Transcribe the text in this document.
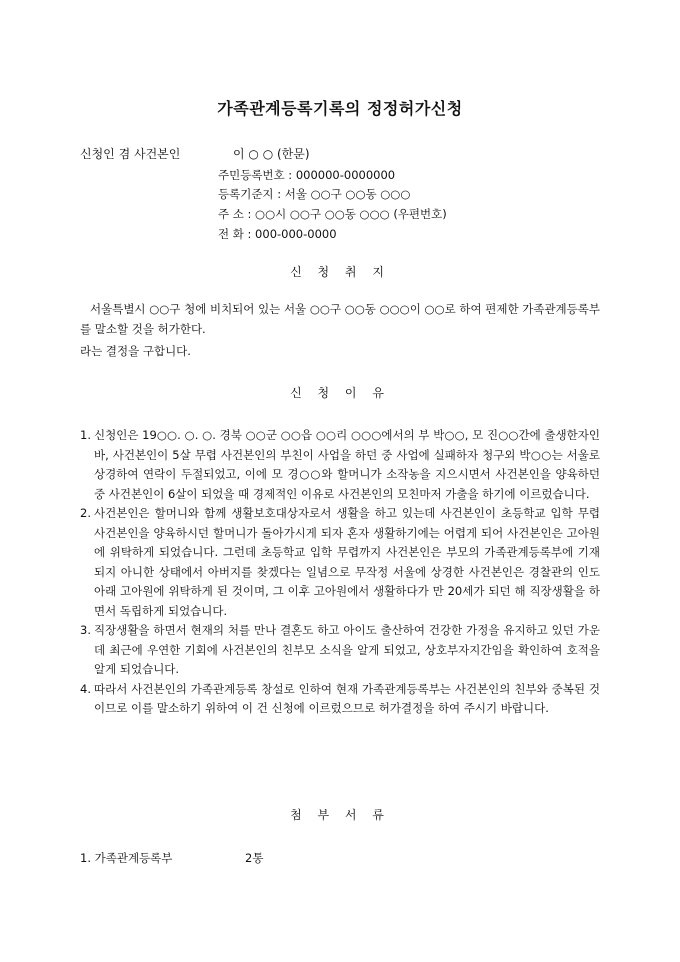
가족관계등록기록의 정정허가신청
신청인 겸 사건본인	이 ○ ○ (한문)
주민등록번호 : 000000-0000000
등록기준지 : 서울 ○○구 ○○동 ○○○
주 소 : ○○시 ○○구 ○○동 ○○○ (우편번호)
전 화 : 000-000-0000
신 청 취 지
서울특별시 ○○구 청에 비치되어 있는 서울 ○○구 ○○동 ○○○이 ○○로 하여 편제한 가족관계등록부를 말소할 것을 허가한다.
라는 결정을 구합니다.
신 청 이 유
1. 신청인은 19○○. ○. ○. 경북 ○○군 ○○읍 ○○리 ○○○에서의 부 박○○, 모 진○○간에 출생한자인 바, 사건본인이 5살 무렵 사건본인의 부친이 사업을 하던 중 사업에 실패하자 청구외 박○○는 서울로 상경하여 연락이 두절되었고, 이에 모 경○○와 할머니가 소작농을 지으시면서 사건본인을 양육하던 중 사건본인이 6살이 되었을 때 경제적인 이유로 사건본인의 모친마저 가출을 하기에 이르렀습니다.
2. 사건본인은 할머니와 함께 생활보호대상자로서 생활을 하고 있는데 사건본인이 초등학교 입학 무렵 사건본인을 양육하시던 할머니가 돌아가시게 되자 혼자 생활하기에는 어렵게 되어 사건본인은 고아원에 위탁하게 되었습니다. 그런데 초등학교 입학 무렵까지 사건본인은 부모의 가족관계등록부에 기재되지 아니한 상태에서 아버지를 찾겠다는 일념으로 무작정 서울에 상경한 사건본인은 경찰관의 인도 아래 고아원에 위탁하게 된 것이며, 그 이후 고아원에서 생활하다가 만 20세가 되던 해 직장생활을 하면서 독립하게 되었습니다.
3. 직장생활을 하면서 현재의 처를 만나 결혼도 하고 아이도 출산하여 건강한 가정을 유지하고 있던 가운데 최근에 우연한 기회에 사건본인의 친부모 소식을 알게 되었고, 상호부자지간임을 확인하여 호적을 알게 되었습니다.
4. 따라서 사건본인의 가족관계등록 창설로 인하여 현재 가족관계등록부는 사건본인의 친부와 중복된 것이므로 이를 말소하기 위하여 이 건 신청에 이르렀으므로 허가결정을 하여 주시기 바랍니다.
첨 부 서 류
1. 가족관계등록부	2통
